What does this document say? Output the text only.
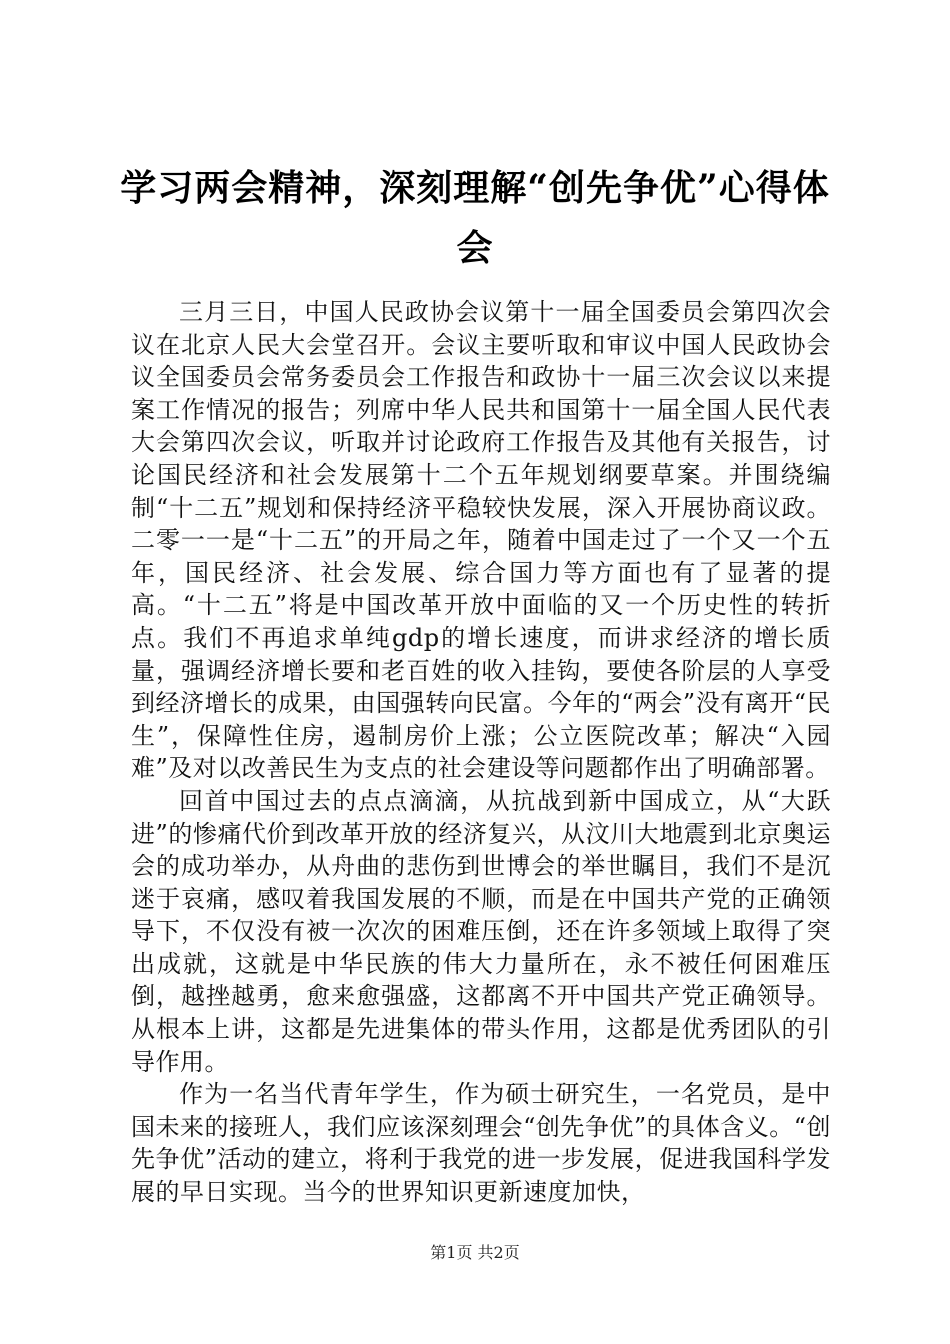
学习两会精神，深刻理解“创先争优”心得体会

三月三日，中国人民政协会议第十一届全国委员会第四次会议在北京人民大会堂召开。会议主要听取和审议中国人民政协会议全国委员会常务委员会工作报告和政协十一届三次会议以来提案工作情况的报告；列席中华人民共和国第十一届全国人民代表大会第四次会议，听取并讨论政府工作报告及其他有关报告，讨论国民经济和社会发展第十二个五年规划纲要草案。并围绕编制“十二五”规划和保持经济平稳较快发展，深入开展协商议政。二零一一是“十二五”的开局之年，随着中国走过了一个又一个五年，国民经济、社会发展、综合国力等方面也有了显著的提高。“十二五”将是中国改革开放中面临的又一个历史性的转折点。我们不再追求单纯gdp的增长速度，而讲求经济的增长质量，强调经济增长要和老百姓的收入挂钩，要使各阶层的人享受到经济增长的成果，由国强转向民富。今年的“两会”没有离开“民生”，保障性住房，遏制房价上涨；公立医院改革；解决“入园难”及对以改善民生为支点的社会建设等问题都作出了明确部署。

回首中国过去的点点滴滴，从抗战到新中国成立，从“大跃进”的惨痛代价到改革开放的经济复兴，从汶川大地震到北京奥运会的成功举办，从舟曲的悲伤到世博会的举世瞩目，我们不是沉迷于哀痛，感叹着我国发展的不顺，而是在中国共产党的正确领导下，不仅没有被一次次的困难压倒，还在许多领域上取得了突出成就，这就是中华民族的伟大力量所在，永不被任何困难压倒，越挫越勇，愈来愈强盛，这都离不开中国共产党正确领导。从根本上讲，这都是先进集体的带头作用，这都是优秀团队的引导作用。

作为一名当代青年学生，作为硕士研究生，一名党员，是中国未来的接班人，我们应该深刻理会“创先争优”的具体含义。“创先争优”活动的建立，将利于我党的进一步发展，促进我国科学发展的早日实现。当今的世界知识更新速度加快，

第1页 共2页
